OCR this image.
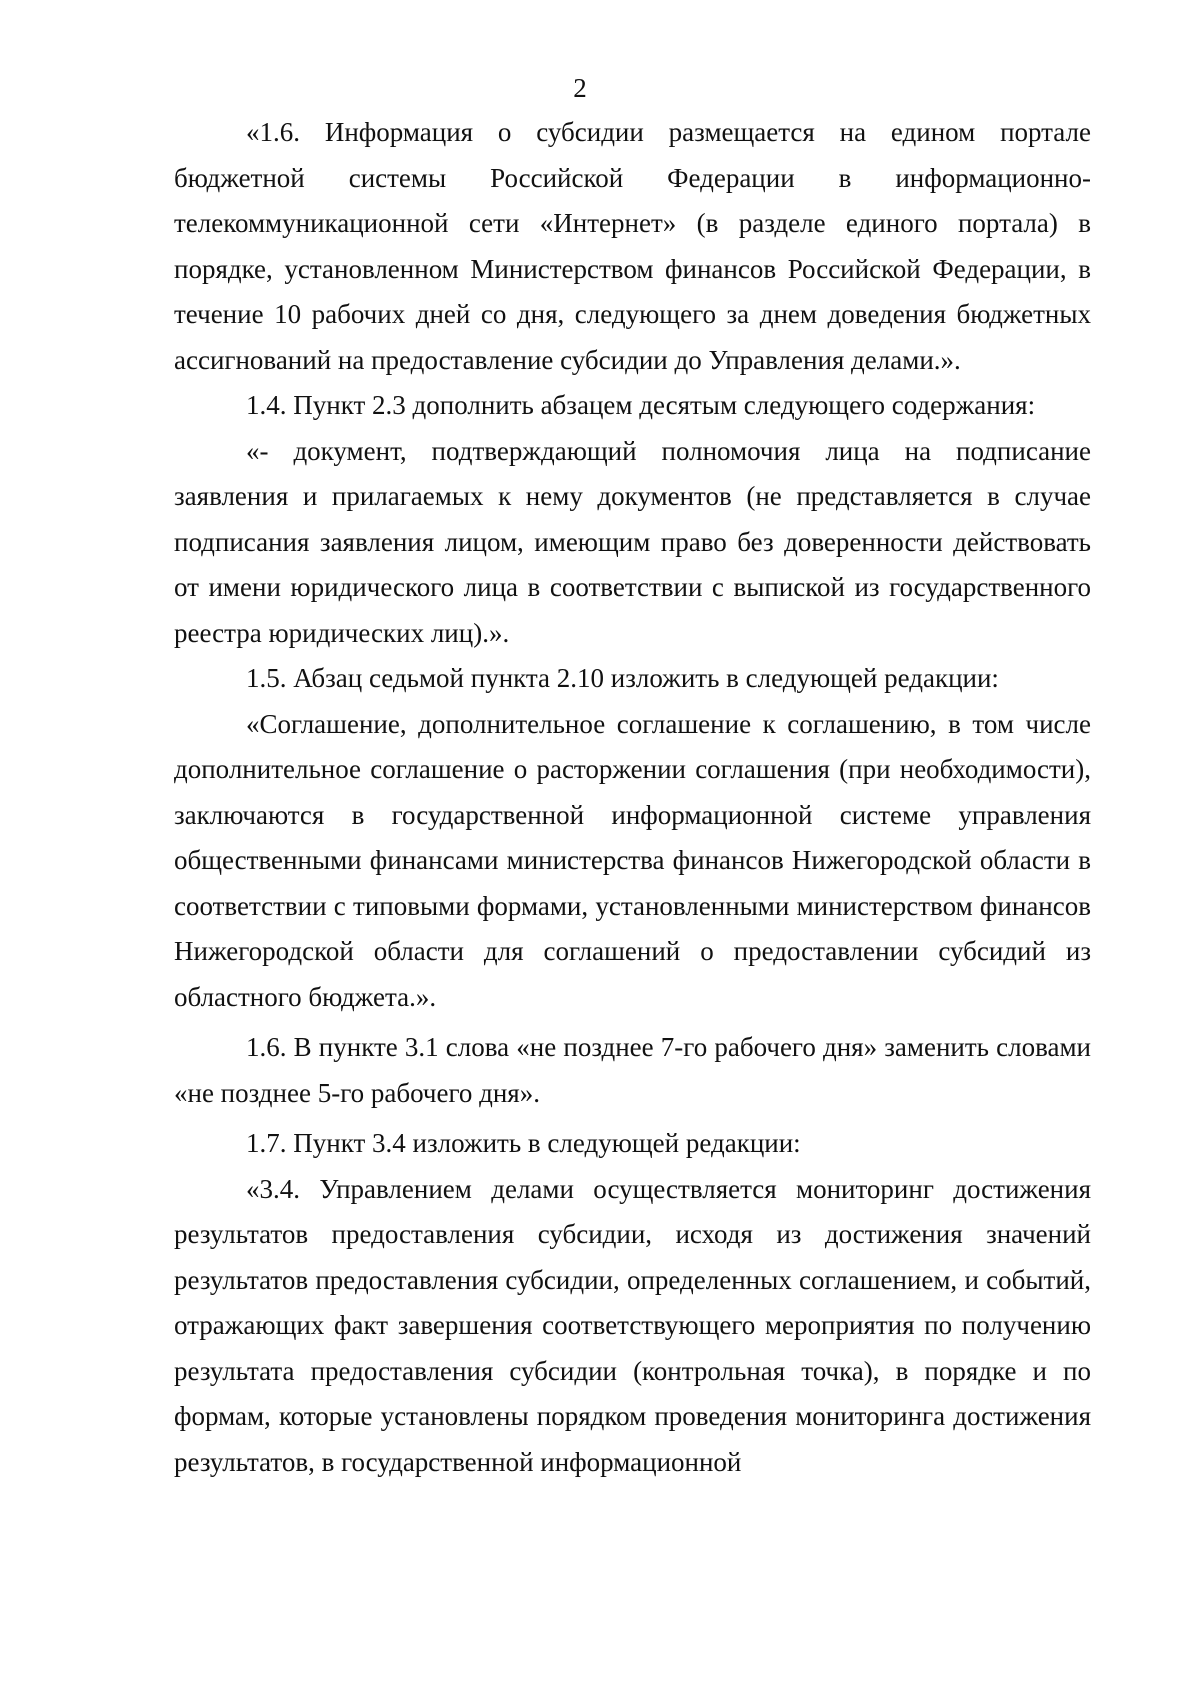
2

«1.6. Информация о субсидии размещается на едином портале бюджетной системы Российской Федерации в информационно-телекоммуникационной сети «Интернет» (в разделе единого портала) в порядке, установленном Министерством финансов Российской Федерации, в течение 10 рабочих дней со дня, следующего за днем доведения бюджетных ассигнований на предоставление субсидии до Управления делами.».

1.4. Пункт 2.3 дополнить абзацем десятым следующего содержания:

«- документ, подтверждающий полномочия лица на подписание заявления и прилагаемых к нему документов (не представляется в случае подписания заявления лицом, имеющим право без доверенности действовать от имени юридического лица в соответствии с выпиской из государственного реестра юридических лиц).».

1.5. Абзац седьмой пункта 2.10 изложить в следующей редакции:

«Соглашение, дополнительное соглашение к соглашению, в том числе дополнительное соглашение о расторжении соглашения (при необходимости), заключаются в государственной информационной системе управления общественными финансами министерства финансов Нижегородской области в соответствии с типовыми формами, установленными министерством финансов Нижегородской области для соглашений о предоставлении субсидий из областного бюджета.».

1.6. В пункте 3.1 слова «не позднее 7-го рабочего дня» заменить словами «не позднее 5-го рабочего дня».

1.7. Пункт 3.4 изложить в следующей редакции:

«3.4. Управлением делами осуществляется мониторинг достижения результатов предоставления субсидии, исходя из достижения значений результатов предоставления субсидии, определенных соглашением, и событий, отражающих факт завершения соответствующего мероприятия по получению результата предоставления субсидии (контрольная точка), в порядке и по формам, которые установлены порядком проведения мониторинга достижения результатов, в государственной информационной
